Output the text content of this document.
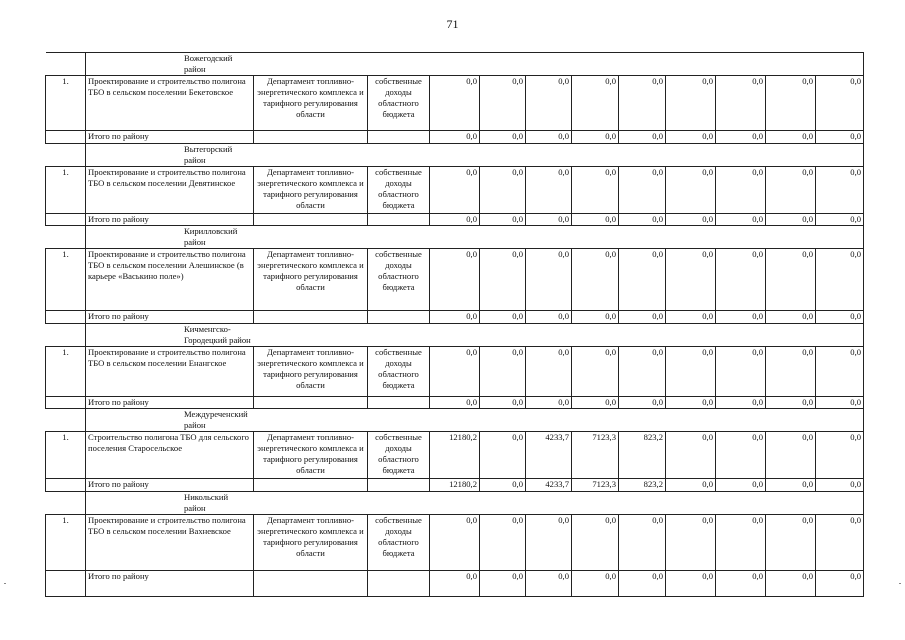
71
	Вожегодский район											
1.	Проектирование и строительство полигона ТБО в сельском поселении Бекетовское	Департамент топливно-энергетического комплекса и тарифного регулирования области	собственные доходы областного бюджета	0,0	0,0	0,0	0,0	0,0	0,0	0,0	0,0	0,0
	Итого по району			0,0	0,0	0,0	0,0	0,0	0,0	0,0	0,0	0,0
	Вытегорский район											
1.	Проектирование и строительство полигона ТБО в сельском поселении Девятинское	Департамент топливно-энергетического комплекса и тарифного регулирования области	собственные доходы областного бюджета	0,0	0,0	0,0	0,0	0,0	0,0	0,0	0,0	0,0
	Итого по району			0,0	0,0	0,0	0,0	0,0	0,0	0,0	0,0	0,0
	Кирилловский район											
1.	Проектирование и строительство полигона ТБО в сельском поселении Алешинское (в карьере «Васькино поле»)	Департамент топливно-энергетического комплекса и тарифного регулирования области	собственные доходы областного бюджета	0,0	0,0	0,0	0,0	0,0	0,0	0,0	0,0	0,0
	Итого по району			0,0	0,0	0,0	0,0	0,0	0,0	0,0	0,0	0,0
	Кичменгско-Городецкий район											
1.	Проектирование и строительство полигона ТБО в сельском поселении Енангское	Департамент топливно-энергетического комплекса и тарифного регулирования области	собственные доходы областного бюджета	0,0	0,0	0,0	0,0	0,0	0,0	0,0	0,0	0,0
	Итого по району			0,0	0,0	0,0	0,0	0,0	0,0	0,0	0,0	0,0
	Междуреченский район											
1.	Строительство полигона ТБО для сельского поселения Старосельское	Департамент топливно-энергетического комплекса и тарифного регулирования области	собственные доходы областного бюджета	12180,2	0,0	4233,7	7123,3	823,2	0,0	0,0	0,0	0,0
	Итого по району			12180,2	0,0	4233,7	7123,3	823,2	0,0	0,0	0,0	0,0
	Никольский район											
1.	Проектирование и строительство полигона ТБО в сельском поселении Вахневское	Департамент топливно-энергетического комплекса и тарифного регулирования области	собственные доходы областного бюджета	0,0	0,0	0,0	0,0	0,0	0,0	0,0	0,0	0,0
	Итого по району			0,0	0,0	0,0	0,0	0,0	0,0	0,0	0,0	0,0
